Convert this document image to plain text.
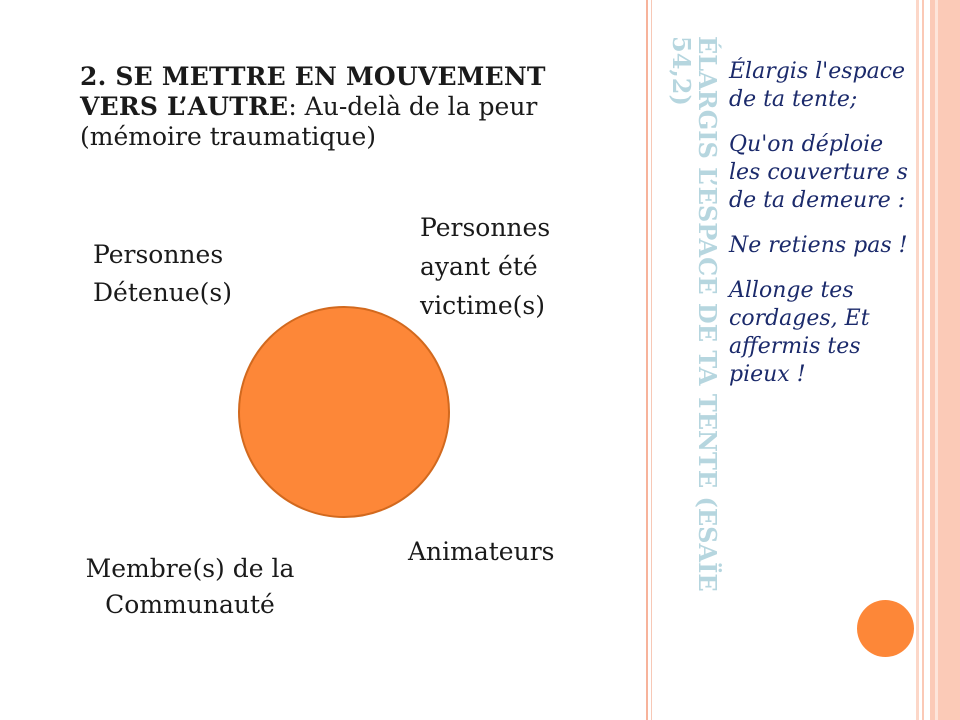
2. SE METTRE EN MOUVEMENT VERS L’AUTRE: Au-delà de la peur (mémoire traumatique)

Personnes Détenue(s)

Personnes ayant été victime(s)

Membre(s) de la Communauté

Animateurs	ÉLARGIS L’ESPACE DE TA TENTE (ESAÏE 54,2)	Élargis l'espace de ta tente;

Qu'on déploie les couverture s de ta demeure :

Ne retiens pas !

Allonge tes cordages, Et affermis tes pieux !
